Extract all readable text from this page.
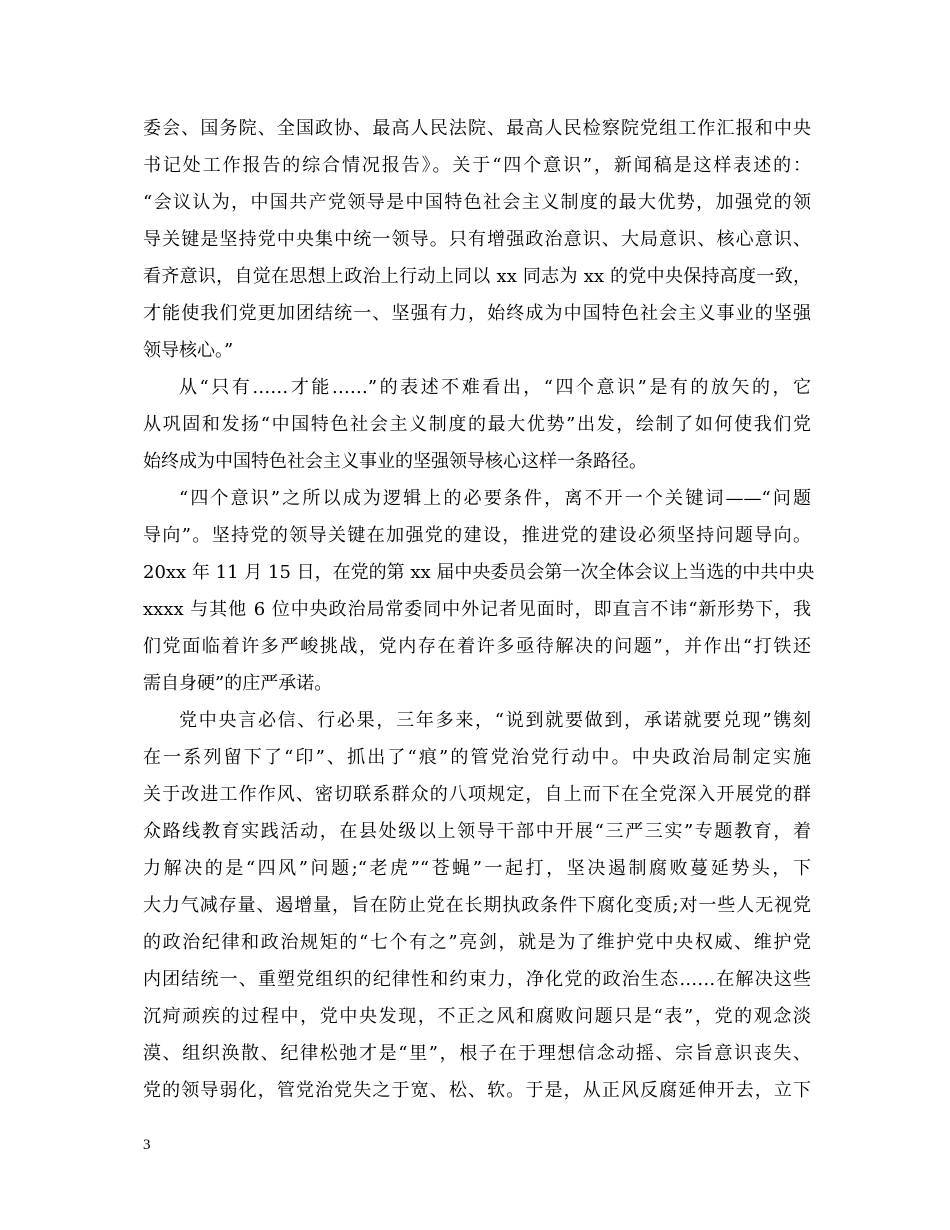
委会、国务院、全国政协、最高人民法院、最高人民检察院党组工作汇报和中央
书记处工作报告的综合情况报告》。关于“四个意识”，新闻稿是这样表述的：
“会议认为，中国共产党领导是中国特色社会主义制度的最大优势，加强党的领
导关键是坚持党中央集中统一领导。只有增强政治意识、大局意识、核心意识、
看齐意识，自觉在思想上政治上行动上同以 xx 同志为 xx 的党中央保持高度一致，
才能使我们党更加团结统一、坚强有力，始终成为中国特色社会主义事业的坚强
领导核心。”
从“只有……才能……”的表述不难看出，“四个意识”是有的放矢的，它
从巩固和发扬“中国特色社会主义制度的最大优势”出发，绘制了如何使我们党
始终成为中国特色社会主义事业的坚强领导核心这样一条路径。
“四个意识”之所以成为逻辑上的必要条件，离不开一个关键词——“问题
导向”。坚持党的领导关键在加强党的建设，推进党的建设必须坚持问题导向。
20xx 年 11 月 15 日，在党的第 xx 届中央委员会第一次全体会议上当选的中共中央
xxxx 与其他 6 位中央政治局常委同中外记者见面时，即直言不讳“新形势下，我
们党面临着许多严峻挑战，党内存在着许多亟待解决的问题”，并作出“打铁还
需自身硬”的庄严承诺。
党中央言必信、行必果，三年多来，“说到就要做到，承诺就要兑现”镌刻
在一系列留下了“印”、抓出了“痕”的管党治党行动中。中央政治局制定实施
关于改进工作作风、密切联系群众的八项规定，自上而下在全党深入开展党的群
众路线教育实践活动，在县处级以上领导干部中开展“三严三实”专题教育，着
力解决的是“四风”问题;“老虎”“苍蝇”一起打，坚决遏制腐败蔓延势头，下
大力气减存量、遏增量，旨在防止党在长期执政条件下腐化变质;对一些人无视党
的政治纪律和政治规矩的“七个有之”亮剑，就是为了维护党中央权威、维护党
内团结统一、重塑党组织的纪律性和约束力，净化党的政治生态……在解决这些
沉疴顽疾的过程中，党中央发现，不正之风和腐败问题只是“表”，党的观念淡
漠、组织涣散、纪律松弛才是“里”，根子在于理想信念动摇、宗旨意识丧失、
党的领导弱化，管党治党失之于宽、松、软。于是，从正风反腐延伸开去，立下
3
